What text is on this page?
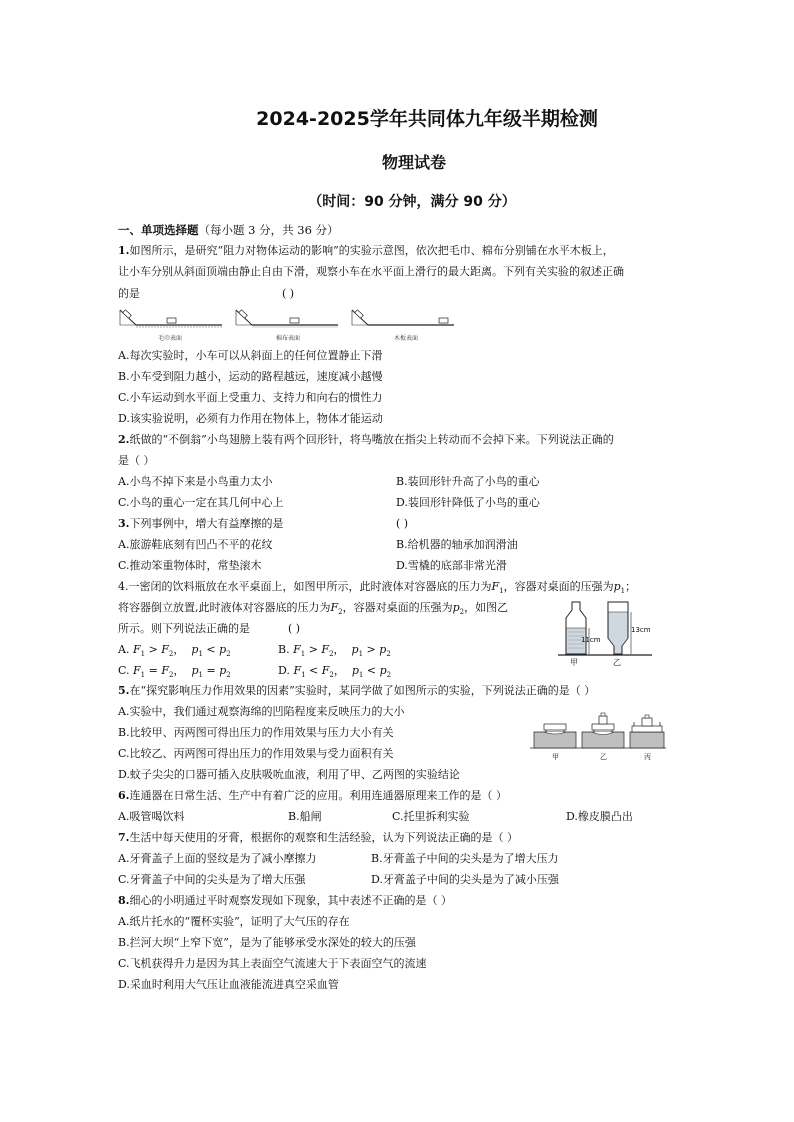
2024-2025学年共同体九年级半期检测
物理试卷
（时间：90 分钟，满分 90 分）
一、单项选择题（每小题 3 分，共 36 分）
1.如图所示，是研究“阻力对物体运动的影响”的实验示意图，依次把毛巾、棉布分别铺在水平木板上，
让小车分别从斜面顶端由静止自由下滑，观察小车在水平面上滑行的最大距离。下列有关实验的叙述正确
的是	( )
毛巾表面	棉布表面	木板表面
A.每次实验时，小车可以从斜面上的任何位置静止下滑
B.小车受到阻力越小，运动的路程越远，速度减小越慢
C.小车运动到水平面上受重力、支持力和向右的惯性力
D.该实验说明，必须有力作用在物体上，物体才能运动
2.纸做的“不倒翁”小鸟翅膀上装有两个回形针，将鸟嘴放在指尖上转动而不会掉下来。下列说法正确的
是（ ）
A.小鸟不掉下来是小鸟重力太小	B.装回形针升高了小鸟的重心
C.小鸟的重心一定在其几何中心上	D.装回形针降低了小鸟的重心
3.下列事例中，增大有益摩擦的是	( )
A.旅游鞋底刻有凹凸不平的花纹	B.给机器的轴承加润滑油
C.推动笨重物体时，常垫滚木	D.雪橇的底部非常光滑
4.一密闭的饮料瓶放在水平桌面上，如图甲所示，此时液体对容器底的压力为$F_1$，容器对桌面的压强为$p_1$；
将容器倒立放置,此时液体对容器底的压力为$F_2$，容器对桌面的压强为$p_2$，如图乙
所示。则下列说法正确的是	( )
A. $F_1 > F_2$，  $p_1 < p_2$	B. $F_1 > F_2$，  $p_1 > p_2$
C. $F_1 = F_2$，  $p_1 = p_2$	D. $F_1 < F_2$，  $p_1 < p_2$
11cm
13cm
甲	乙
5.在“探究影响压力作用效果的因素”实验时，某同学做了如图所示的实验，下列说法正确的是（ ）
A.实验中，我们通过观察海绵的凹陷程度来反映压力的大小
B.比较甲、丙两图可得出压力的作用效果与压力大小有关
C.比较乙、丙两图可得出压力的作用效果与受力面积有关
D.蚊子尖尖的口器可插入皮肤吸吮血液，利用了甲、乙两图的实验结论
甲	乙	丙
6.连通器在日常生活、生产中有着广泛的应用。利用连通器原理来工作的是（ ）
A.吸管喝饮料	B.船闸	C.托里拆利实验	D.橡皮膜凸出
7.生活中每天使用的牙膏，根据你的观察和生活经验，认为下列说法正确的是（ ）
A.牙膏盖子上面的竖纹是为了减小摩擦力	B.牙膏盖子中间的尖头是为了增大压力
C.牙膏盖子中间的尖头是为了增大压强	D.牙膏盖子中间的尖头是为了减小压强
8.细心的小明通过平时观察发现如下现象，其中表述不正确的是（ ）
A.纸片托水的“覆杯实验”，证明了大气压的存在
B.拦河大坝“上窄下宽”，是为了能够承受水深处的较大的压强
C.飞机获得升力是因为其上表面空气流速大于下表面空气的流速
D.采血时利用大气压让血液能流进真空采血管
